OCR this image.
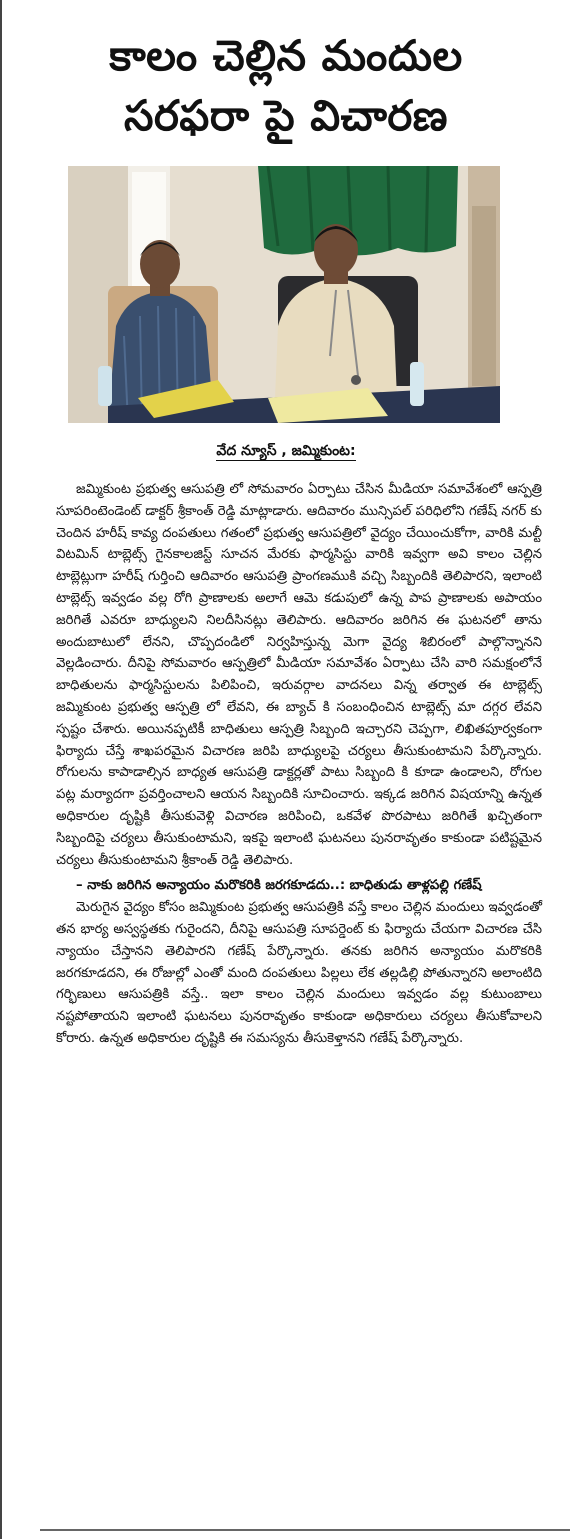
కాలం చెల్లిన మందుల
సరఫరా పై విచారణ
వేద న్యూస్ , జమ్మికుంట:

జమ్మికుంట ప్రభుత్వ ఆసుపత్రి లో సోమవారం ఏర్పాటు చేసిన మీడియా సమావేశంలో ఆస్పత్రి సూపరింటెండెంట్ డాక్టర్ శ్రీకాంత్ రెడ్డి మాట్లాడారు. ఆదివారం మున్సిపల్ పరిధిలోని గణేష్ నగర్ కు చెందిన హరీష్ కావ్య దంపతులు గతంలో ప్రభుత్వ ఆసుపత్రిలో వైద్యం చేయించుకోగా, వారికి మల్టీ విటమిన్ టాబ్లెట్స్ గైనకాలజిస్ట్ సూచన మేరకు ఫార్మసిస్టు వారికి ఇవ్వగా అవి కాలం చెల్లిన టాబ్లెట్లుగా హరీష్ గుర్తించి ఆదివారం ఆసుపత్రి ప్రాంగణముకి వచ్చి సిబ్బందికి తెలిపారని, ఇలాంటి టాబ్లెట్స్ ఇవ్వడం వల్ల రోగి ప్రాణాలకు అలాగే ఆమె కడుపులో ఉన్న పాప ప్రాణాలకు అపాయం జరిగితే ఎవరూ బాధ్యులని నిలదీసినట్లు తెలిపారు. ఆదివారం జరిగిన ఈ ఘటనలో తాను అందుబాటులో లేనని, చొప్పదండిలో నిర్వహిస్తున్న మెగా వైద్య శిబిరంలో పాల్గొన్నానని వెల్లడించారు. దీనిపై సోమవారం ఆస్పత్రిలో మీడియా సమావేశం ఏర్పాటు చేసి వారి సమక్షంలోనే బాధితులను ఫార్మసిస్టులను పిలిపించి, ఇరువర్గాల వాదనలు విన్న తర్వాత ఈ టాబ్లెట్స్ జమ్మికుంట ప్రభుత్వ ఆస్పత్రి లో లేవని, ఈ బ్యాచ్ కి సంబంధించిన టాబ్లెట్స్ మా దగ్గర లేవని స్పష్టం చేశారు. అయినప్పటికీ బాధితులు ఆస్పత్రి సిబ్బంది ఇచ్చారని చెప్పగా, లిఖితపూర్వకంగా ఫిర్యాదు చేస్తే శాఖపరమైన విచారణ జరిపి బాధ్యులపై చర్యలు తీసుకుంటామని పేర్కొన్నారు. రోగులను కాపాడాల్సిన బాధ్యత ఆసుపత్రి డాక్టర్లతో పాటు సిబ్బంది కి కూడా ఉండాలని, రోగుల పట్ల మర్యాదగా ప్రవర్తించాలని ఆయన సిబ్బందికి సూచించారు. ఇక్కడ జరిగిన విషయాన్ని ఉన్నత అధికారుల దృష్టికి తీసుకువెళ్లి విచారణ జరిపించి, ఒకవేళ పొరపాటు జరిగితే ఖచ్చితంగా సిబ్బందిపై చర్యలు తీసుకుంటామని, ఇకపై ఇలాంటి ఘటనలు పునరావృతం కాకుండా పటిష్టమైన చర్యలు తీసుకుంటామని శ్రీకాంత్ రెడ్డి తెలిపారు.

– నాకు జరిగిన అన్యాయం మరొకరికి జరగకూడదు..: బాధితుడు తాళ్లపల్లి గణేష్

మెరుగైన వైద్యం కోసం జమ్మికుంట ప్రభుత్వ ఆసుపత్రికి వస్తే కాలం చెల్లిన మందులు ఇవ్వడంతో తన భార్య అస్వస్థతకు గురైందని, దీనిపై ఆసుపత్రి సూపర్డెంట్ కు ఫిర్యాదు చేయగా విచారణ చేసి న్యాయం చేస్తానని తెలిపారని గణేష్ పేర్కొన్నారు. తనకు జరిగిన అన్యాయం మరొకరికి జరగకూడదని, ఈ రోజుల్లో ఎంతో మంది దంపతులు పిల్లలు లేక తల్లడిల్లి పోతున్నారని అలాంటిది గర్భిణులు ఆసుపత్రికి వస్తే.. ఇలా కాలం చెల్లిన మందులు ఇవ్వడం వల్ల కుటుంబాలు నష్టపోతాయని ఇలాంటి ఘటనలు పునరావృతం కాకుండా అధికారులు చర్యలు తీసుకోవాలని కోరారు. ఉన్నత అధికారుల దృష్టికి ఈ సమస్యను తీసుకెళ్తానని గణేష్ పేర్కొన్నారు.
